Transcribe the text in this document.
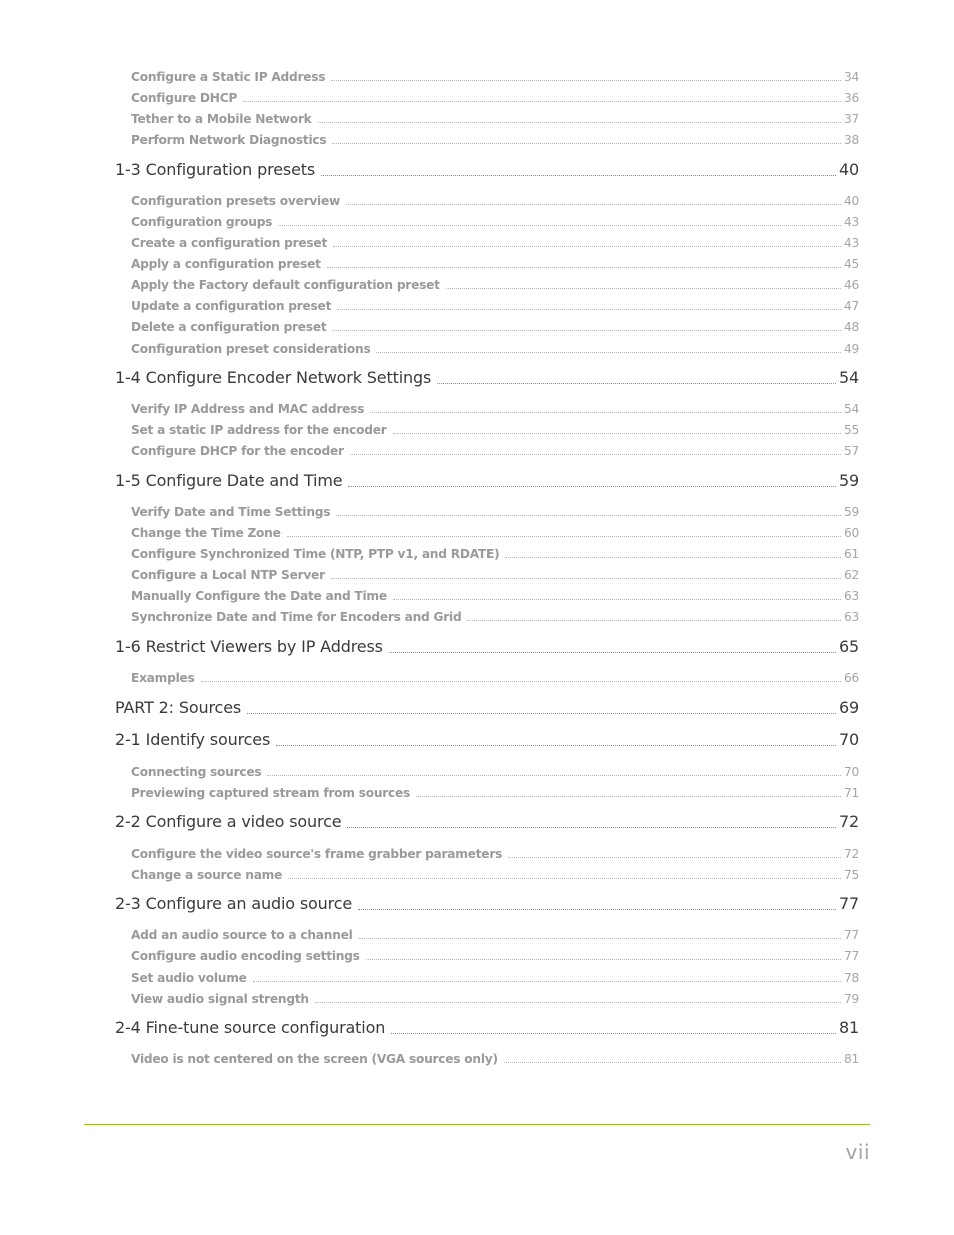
Configure a Static IP Address	34
Configure DHCP	36
Tether to a Mobile Network	37
Perform Network Diagnostics	38
1-3 Configuration presets	40
Configuration presets overview	40
Configuration groups	43
Create a configuration preset	43
Apply a configuration preset	45
Apply the Factory default configuration preset	46
Update a configuration preset	47
Delete a configuration preset	48
Configuration preset considerations	49
1-4 Configure Encoder Network Settings	54
Verify IP Address and MAC address	54
Set a static IP address for the encoder	55
Configure DHCP for the encoder	57
1-5 Configure Date and Time	59
Verify Date and Time Settings	59
Change the Time Zone	60
Configure Synchronized Time (NTP, PTP v1, and RDATE)	61
Configure a Local NTP Server	62
Manually Configure the Date and Time	63
Synchronize Date and Time for Encoders and Grid	63
1-6 Restrict Viewers by IP Address	65
Examples	66
PART 2: Sources	69
2-1 Identify sources	70
Connecting sources	70
Previewing captured stream from sources	71
2-2 Configure a video source	72
Configure the video source's frame grabber parameters	72
Change a source name	75
2-3 Configure an audio source	77
Add an audio source to a channel	77
Configure audio encoding settings	77
Set audio volume	78
View audio signal strength	79
2-4 Fine-tune source configuration	81
Video is not centered on the screen (VGA sources only)	81
vii
